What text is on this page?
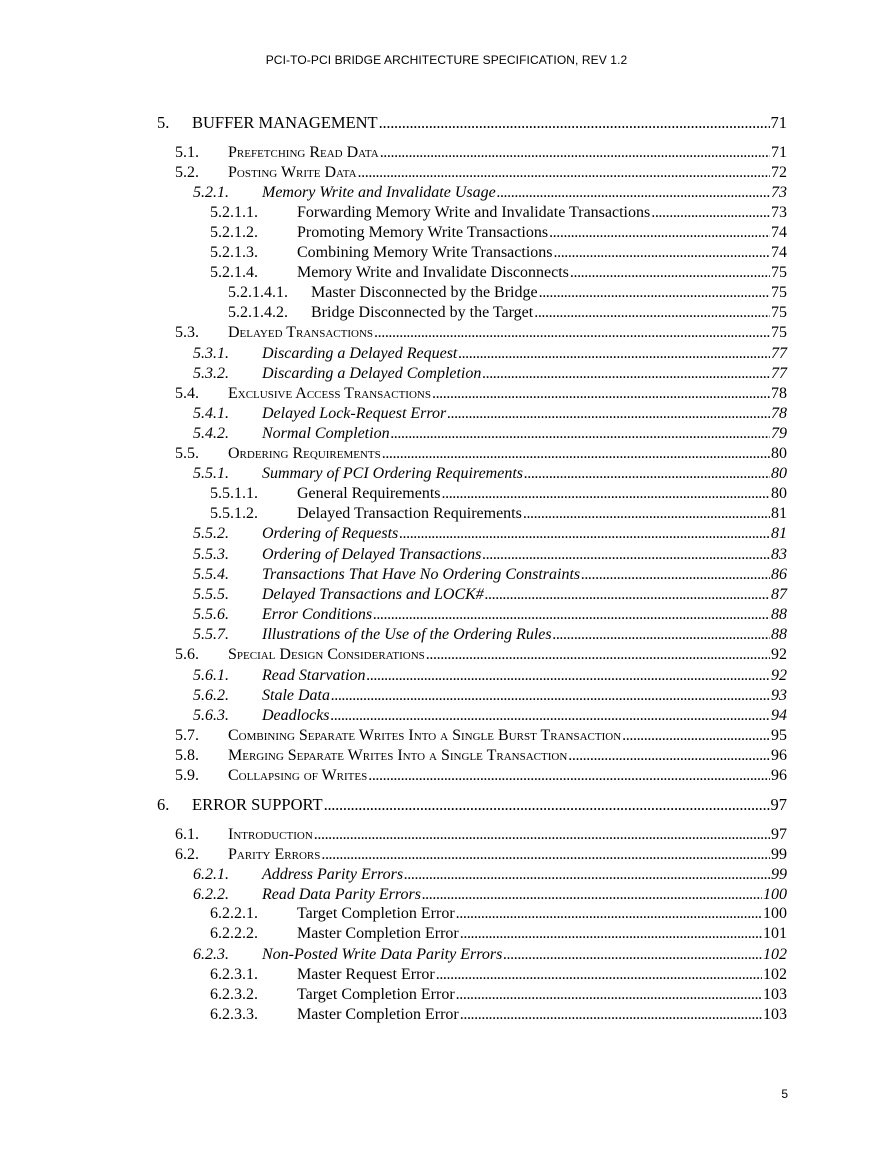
PCI-TO-PCI BRIDGE ARCHITECTURE SPECIFICATION, REV 1.2
5.	BUFFER MANAGEMENT . . .	71
5.1.	Prefetching Read Data . . .	71
5.2.	Posting Write Data . . .	72
5.2.1.	Memory Write and Invalidate Usage . . .	73
5.2.1.1.	Forwarding Memory Write and Invalidate Transactions . . .	73
5.2.1.2.	Promoting Memory Write Transactions . . .	74
5.2.1.3.	Combining Memory Write Transactions . . .	74
5.2.1.4.	Memory Write and Invalidate Disconnects . . .	75
5.2.1.4.1.	Master Disconnected by the Bridge . . .	75
5.2.1.4.2.	Bridge Disconnected by the Target . . .	75
5.3.	Delayed Transactions . . .	75
5.3.1.	Discarding a Delayed Request . . .	77
5.3.2.	Discarding a Delayed Completion . . .	77
5.4.	Exclusive Access Transactions . . .	78
5.4.1.	Delayed Lock-Request Error . . .	78
5.4.2.	Normal Completion . . .	79
5.5.	Ordering Requirements . . .	80
5.5.1.	Summary of PCI Ordering Requirements . . .	80
5.5.1.1.	General Requirements . . .	80
5.5.1.2.	Delayed Transaction Requirements . . .	81
5.5.2.	Ordering of Requests . . .	81
5.5.3.	Ordering of Delayed Transactions . . .	83
5.5.4.	Transactions That Have No Ordering Constraints . . .	86
5.5.5.	Delayed Transactions and LOCK# . . .	87
5.5.6.	Error Conditions . . .	88
5.5.7.	Illustrations of the Use of the Ordering Rules . . .	88
5.6.	Special Design Considerations . . .	92
5.6.1.	Read Starvation . . .	92
5.6.2.	Stale Data . . .	93
5.6.3.	Deadlocks . . .	94
5.7.	Combining Separate Writes Into a Single Burst Transaction . . .	95
5.8.	Merging Separate Writes Into a Single Transaction . . .	96
5.9.	Collapsing of Writes . . .	96
6.	ERROR SUPPORT . . .	97
6.1.	Introduction . . .	97
6.2.	Parity Errors . . .	99
6.2.1.	Address Parity Errors . . .	99
6.2.2.	Read Data Parity Errors . . .	100
6.2.2.1.	Target Completion Error . . .	100
6.2.2.2.	Master Completion Error . . .	101
6.2.3.	Non-Posted Write Data Parity Errors . . .	102
6.2.3.1.	Master Request Error . . .	102
6.2.3.2.	Target Completion Error . . .	103
6.2.3.3.	Master Completion Error . . .	103
5
